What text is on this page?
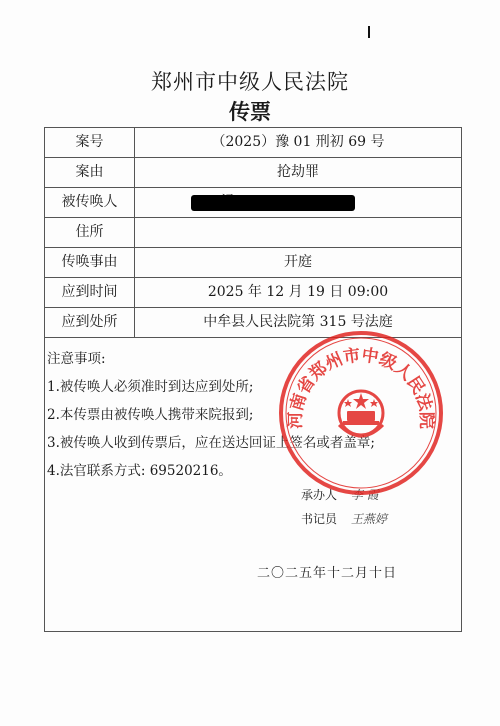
郑州市中级人民法院
传票
案号	（2025）豫 01 刑初 69 号
案由	抢劫罪
被传唤人
住所
传唤事由	开庭
应到时间	2025 年 12 月 19 日 09:00
应到处所	中牟县人民法院第 315 号法庭
注意事项:
1.被传唤人必须准时到达应到处所;
2.本传票由被传唤人携带来院报到;
3.被传唤人收到传票后，应在送达回证上签名或者盖章;
4.法官联系方式: 69520216。
承办人 李 霞
书记员 王燕婷
二〇二五年十二月十日
河南省郑州市中级人民法院
